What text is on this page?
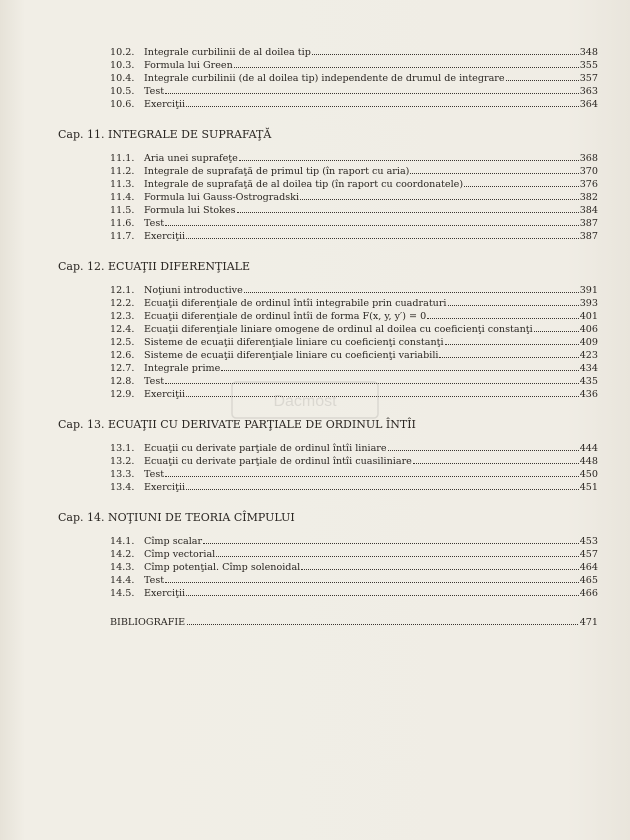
10.2. Integrale curbilinii de al doilea tip	348
10.3. Formula lui Green	355
10.4. Integrale curbilinii (de al doilea tip) independente de drumul de integrare	357
10.5. Test	363
10.6. Exerciţii	364
Cap. 11. INTEGRALE DE SUPRAFAŢĂ
11.1. Aria unei suprafeţe	368
11.2. Integrale de suprafaţă de primul tip (în raport cu aria)	370
11.3. Integrale de suprafaţă de al doilea tip (în raport cu coordonatele)	376
11.4. Formula lui Gauss-Ostrogradski	382
11.5. Formula lui Stokes	384
11.6. Test	387
11.7. Exerciţii	387
Cap. 12. ECUAŢII DIFERENŢIALE
12.1. Noţiuni introductive	391
12.2. Ecuaţii diferenţiale de ordinul întîi integrabile prin cuadraturi	393
12.3. Ecuaţii diferenţiale de ordinul întîi de forma F(x, y, y′) = 0	401
12.4. Ecuaţii diferenţiale liniare omogene de ordinul al doilea cu coeficienţi constanţi	406
12.5. Sisteme de ecuaţii diferenţiale liniare cu coeficienţi constanţi	409
12.6. Sisteme de ecuaţii diferenţiale liniare cu coeficienţi variabili	423
12.7. Integrale prime	434
12.8. Test	435
12.9. Exerciţii	436
Cap. 13. ECUAŢII CU DERIVATE PARŢIALE DE ORDINUL ÎNTÎI
13.1. Ecuaţii cu derivate parţiale de ordinul întîi liniare	444
13.2. Ecuaţii cu derivate parţiale de ordinul întîi cuasiliniare	448
13.3. Test	450
13.4. Exerciţii	451
Cap. 14. NOŢIUNI DE TEORIA CÎMPULUI
14.1. Cîmp scalar	453
14.2. Cîmp vectorial	457
14.3. Cîmp potenţial. Cîmp solenoidal	464
14.4. Test	465
14.5. Exerciţii	466
BIBLIOGRAFIE	471
Dacmost
